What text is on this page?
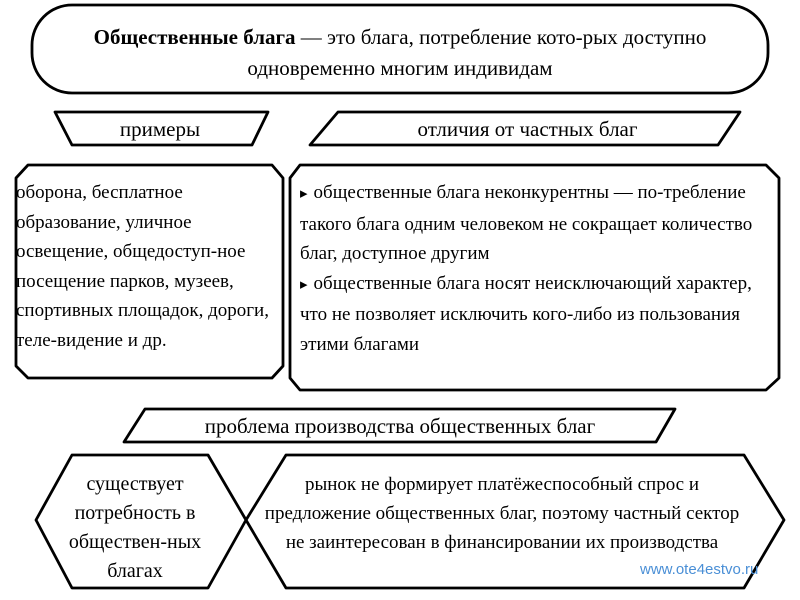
Общественные блага — это блага, потребление кото-рых доступно одновременно многим индивидам
примеры	отличия от частных благ
оборона, бесплатное образование, уличное освещение, общедоступ-ное посещение парков, музеев, спортивных площадок, дороги, теле-видение и др.
▸ общественные блага неконкурентны — по-требление такого блага одним человеком не сокращает количество благ, доступное другим
▸ общественные блага носят неисключающий характер, что не позволяет исключить кого-либо из пользования этими благами
проблема производства общественных благ
существует потребность в обществен-ных благах
рынок не формирует платёжеспособный спрос и предложение общественных благ, поэтому частный сектор не заинтересован в финансировании их производства
www.ote4estvo.ru
